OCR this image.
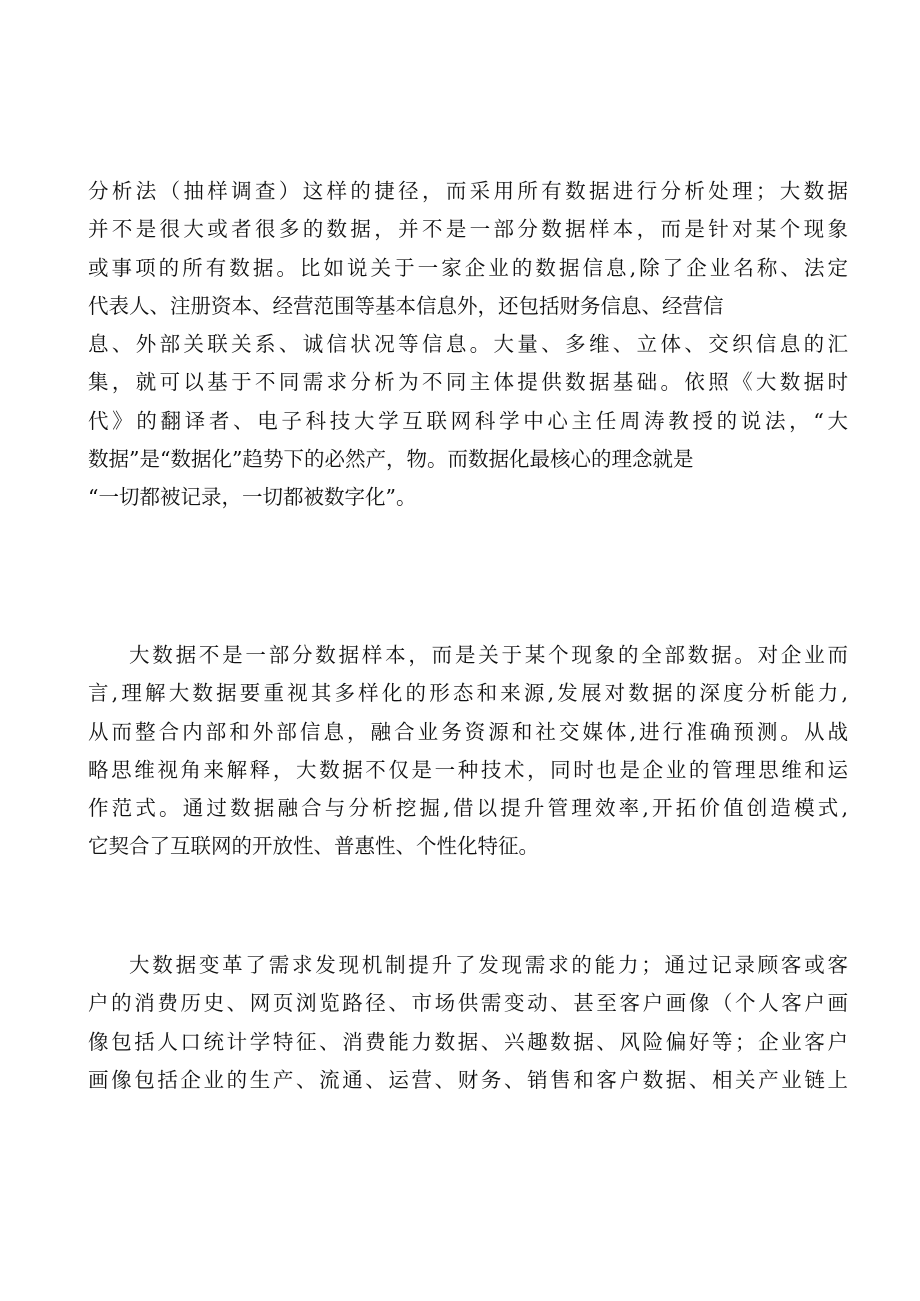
分析法（抽样调查）这样的捷径，而采用所有数据进行分析处理；大数据
并不是很大或者很多的数据，并不是一部分数据样本，而是针对某个现象
或事项的所有数据。比如说关于一家企业的数据信息,除了企业名称、法定
代表人、注册资本、经营范围等基本信息外，还包括财务信息、经营信
息、外部关联关系、诚信状况等信息。大量、多维、立体、交织信息的汇
集，就可以基于不同需求分析为不同主体提供数据基础。依照《大数据时
代》的翻译者、电子科技大学互联网科学中心主任周涛教授的说法，“大
数据”是“数据化”趋势下的必然产，物。而数据化最核心的理念就是
“一切都被记录，一切都被数字化”。
大数据不是一部分数据样本，而是关于某个现象的全部数据。对企业而
言,理解大数据要重视其多样化的形态和来源,发展对数据的深度分析能力,
从而整合内部和外部信息，融合业务资源和社交媒体,进行准确预测。从战
略思维视角来解释，大数据不仅是一种技术，同时也是企业的管理思维和运
作范式。通过数据融合与分析挖掘,借以提升管理效率,开拓价值创造模式,
它契合了互联网的开放性、普惠性、个性化特征。
大数据变革了需求发现机制提升了发现需求的能力；通过记录顾客或客
户的消费历史、网页浏览路径、市场供需变动、甚至客户画像（个人客户画
像包括人口统计学特征、消费能力数据、兴趣数据、风险偏好等；企业客户
画像包括企业的生产、流通、运营、财务、销售和客户数据、相关产业链上
